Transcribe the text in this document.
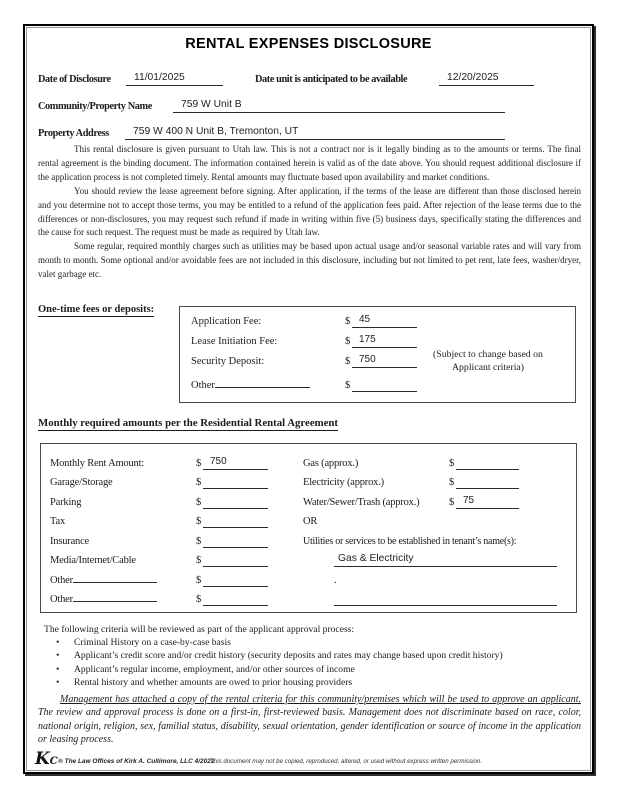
RENTAL EXPENSES DISCLOSURE
Date of Disclosure 11/01/2025	Date unit is anticipated to be available	12/20/2025
Community/Property Name	759 W Unit B
Property Address 759 W 400 N Unit B, Tremonton, UT

This rental disclosure is given pursuant to Utah law. This is not a contract nor is it legally binding as to the amounts or terms. The final rental agreement is the binding document. The information contained herein is valid as of the date above. You should request additional disclosure if the application process is not completed timely. Rental amounts may fluctuate based upon availability and market conditions.

You should review the lease agreement before signing. After application, if the terms of the lease are different than those disclosed herein and you determine not to accept those terms, you may be entitled to a refund of the application fees paid. After rejection of the lease terms due to the differences or non-disclosures, you may request such refund if made in writing within five (5) business days, specifically stating the differences and the cause for such request. The request must be made as required by Utah law.

Some regular, required monthly charges such as utilities may be based upon actual usage and/or seasonal variable rates and will vary from month to month. Some optional and/or avoidable fees are not included in this disclosure, including but not limited to pet rent, late fees, washer/dryer, valet garbage etc.

One-time fees or deposits:
Application Fee:	$ 45
Lease Initiation Fee:	$ 175
Security Deposit:	$ 750
Other	$
(Subject to change based on Applicant criteria)
Monthly required amounts per the Residential Rental Agreement
Monthly Rent Amount:	$ 750
Garage/Storage	$
Parking	$
Tax	$
Insurance	$
Media/Internet/Cable	$
Other	$
Other	$
Gas (approx.)	$
Electricity (approx.)	$
Water/Sewer/Trash (approx.)	$ 75
OR
Utilities or services to be established in tenant’s name(s):
Gas & Electricity
.
The following criteria will be reviewed as part of the applicant approval process:
• Criminal History on a case-by-case basis
• Applicant’s credit score and/or credit history (security deposits and rates may change based upon credit history)
• Applicant’s regular income, employment, and/or other sources of income
• Rental history and whether amounts are owed to prior housing providers

Management has attached a copy of the rental criteria for this community/premises which will be used to approve an applicant. The review and approval process is done on a first-in, first-reviewed basis. Management does not discriminate based on race, color, national origin, religion, sex, familial status, disability, sexual orientation, gender identification or source of income in the application or leasing process.

KC ® The Law Offices of Kirk A. Cullimore, LLC 4/2021
This document may not be copied, reproduced, altered, or used without express written permission.
